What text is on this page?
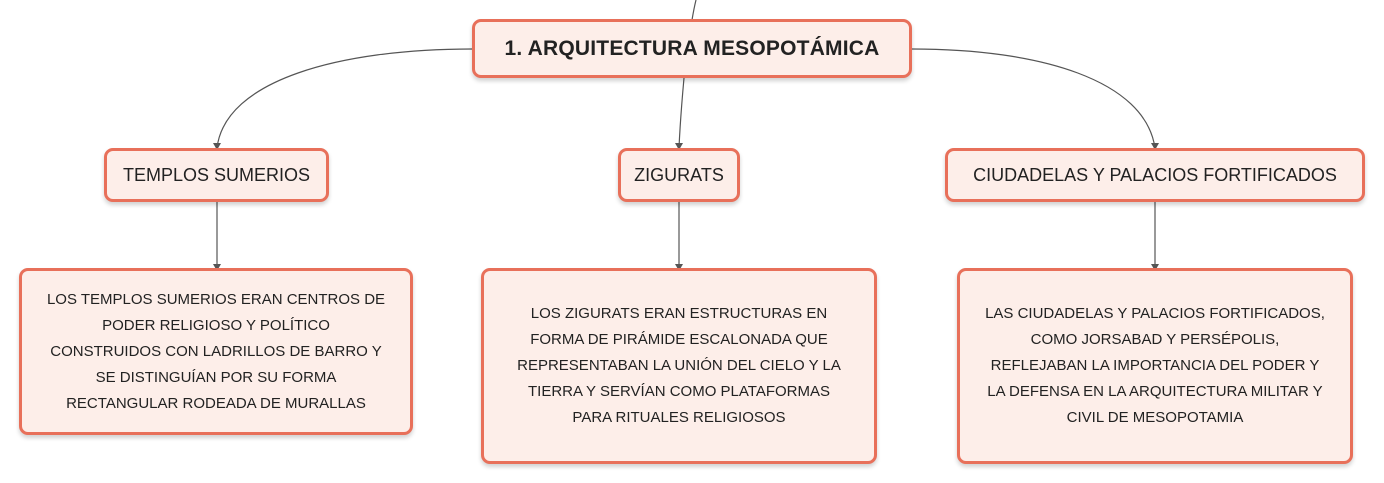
1. ARQUITECTURA MESOPOTÁMICA
TEMPLOS SUMERIOS	ZIGURATS	CIUDADELAS Y PALACIOS FORTIFICADOS
LOS TEMPLOS SUMERIOS ERAN CENTROS DE
PODER RELIGIOSO Y POLÍTICO
CONSTRUIDOS CON LADRILLOS DE BARRO Y
SE DISTINGUÍAN POR SU FORMA
RECTANGULAR RODEADA DE MURALLAS
LOS ZIGURATS ERAN ESTRUCTURAS EN
FORMA DE PIRÁMIDE ESCALONADA QUE
REPRESENTABAN LA UNIÓN DEL CIELO Y LA
TIERRA Y SERVÍAN COMO PLATAFORMAS
PARA RITUALES RELIGIOSOS
LAS CIUDADELAS Y PALACIOS FORTIFICADOS,
COMO JORSABAD Y PERSÉPOLIS,
REFLEJABAN LA IMPORTANCIA DEL PODER Y
LA DEFENSA EN LA ARQUITECTURA MILITAR Y
CIVIL DE MESOPOTAMIA
